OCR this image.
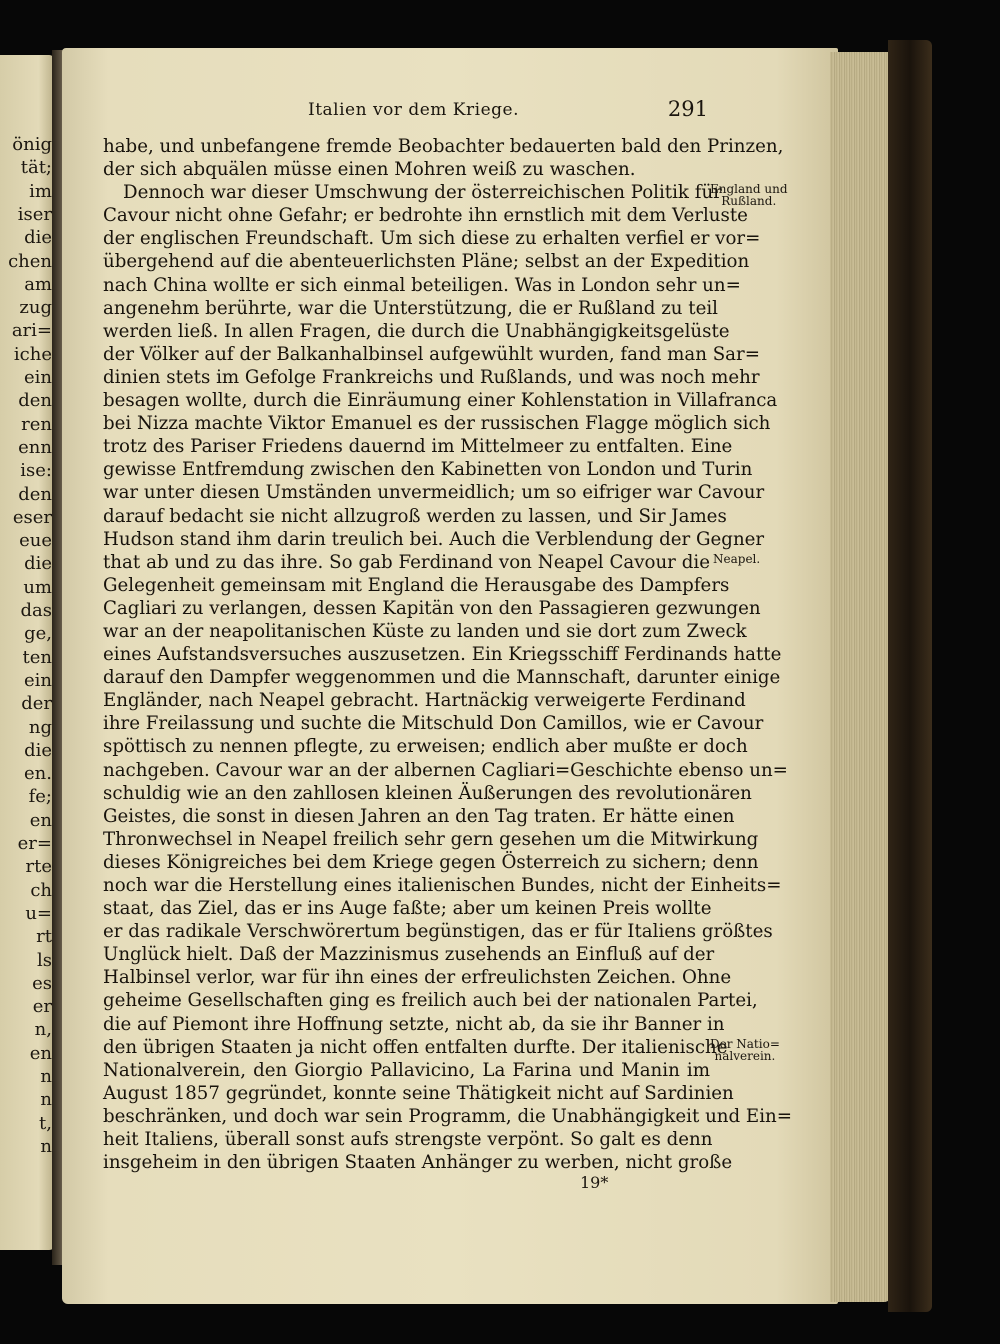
önig
tät;
im
iser
die
chen
am
zug
ari=
iche
ein
den
ren
enn
ise:
den
eser
eue
die
um
das
ge,
ten
ein
der
ng
die
en.
fe;
en
er=
rte
ch
u=
rt
ls
es
er
n,
en
n
n
t,
n
Italien vor dem Kriege.	291
habe, und unbefangene fremde Beobachter bedauerten bald den Prinzen,
der sich abquälen müsse einen Mohren weiß zu waschen.
Dennoch war dieser Umschwung der österreichischen Politik für
Cavour nicht ohne Gefahr; er bedrohte ihn ernstlich mit dem Verluste
der englischen Freundschaft. Um sich diese zu erhalten verfiel er vor=
übergehend auf die abenteuerlichsten Pläne; selbst an der Expedition
nach China wollte er sich einmal beteiligen. Was in London sehr un=
angenehm berührte, war die Unterstützung, die er Rußland zu teil
werden ließ. In allen Fragen, die durch die Unabhängigkeitsgelüste
der Völker auf der Balkanhalbinsel aufgewühlt wurden, fand man Sar=
dinien stets im Gefolge Frankreichs und Rußlands, und was noch mehr
besagen wollte, durch die Einräumung einer Kohlenstation in Villafranca
bei Nizza machte Viktor Emanuel es der russischen Flagge möglich sich
trotz des Pariser Friedens dauernd im Mittelmeer zu entfalten. Eine
gewisse Entfremdung zwischen den Kabinetten von London und Turin
war unter diesen Umständen unvermeidlich; um so eifriger war Cavour
darauf bedacht sie nicht allzugroß werden zu lassen, und Sir James
Hudson stand ihm darin treulich bei. Auch die Verblendung der Gegner
that ab und zu das ihre. So gab Ferdinand von Neapel Cavour die
Gelegenheit gemeinsam mit England die Herausgabe des Dampfers
Cagliari zu verlangen, dessen Kapitän von den Passagieren gezwungen
war an der neapolitanischen Küste zu landen und sie dort zum Zweck
eines Aufstandsversuches auszusetzen. Ein Kriegsschiff Ferdinands hatte
darauf den Dampfer weggenommen und die Mannschaft, darunter einige
Engländer, nach Neapel gebracht. Hartnäckig verweigerte Ferdinand
ihre Freilassung und suchte die Mitschuld Don Camillos, wie er Cavour
spöttisch zu nennen pflegte, zu erweisen; endlich aber mußte er doch
nachgeben. Cavour war an der albernen Cagliari=Geschichte ebenso un=
schuldig wie an den zahllosen kleinen Äußerungen des revolutionären
Geistes, die sonst in diesen Jahren an den Tag traten. Er hätte einen
Thronwechsel in Neapel freilich sehr gern gesehen um die Mitwirkung
dieses Königreiches bei dem Kriege gegen Österreich zu sichern; denn
noch war die Herstellung eines italienischen Bundes, nicht der Einheits=
staat, das Ziel, das er ins Auge faßte; aber um keinen Preis wollte
er das radikale Verschwörertum begünstigen, das er für Italiens größtes
Unglück hielt. Daß der Mazzinismus zusehends an Einfluß auf der
Halbinsel verlor, war für ihn eines der erfreulichsten Zeichen. Ohne
geheime Gesellschaften ging es freilich auch bei der nationalen Partei,
die auf Piemont ihre Hoffnung setzte, nicht ab, da sie ihr Banner in
den übrigen Staaten ja nicht offen entfalten durfte. Der italienische
Nationalverein, den Giorgio Pallavicino, La Farina und Manin im
August 1857 gegründet, konnte seine Thätigkeit nicht auf Sardinien
beschränken, und doch war sein Programm, die Unabhängigkeit und Ein=
heit Italiens, überall sonst aufs strengste verpönt. So galt es denn
insgeheim in den übrigen Staaten Anhänger zu werben, nicht große
England und
Rußland.
Neapel.
Der Natio=
nalverein.
19*
